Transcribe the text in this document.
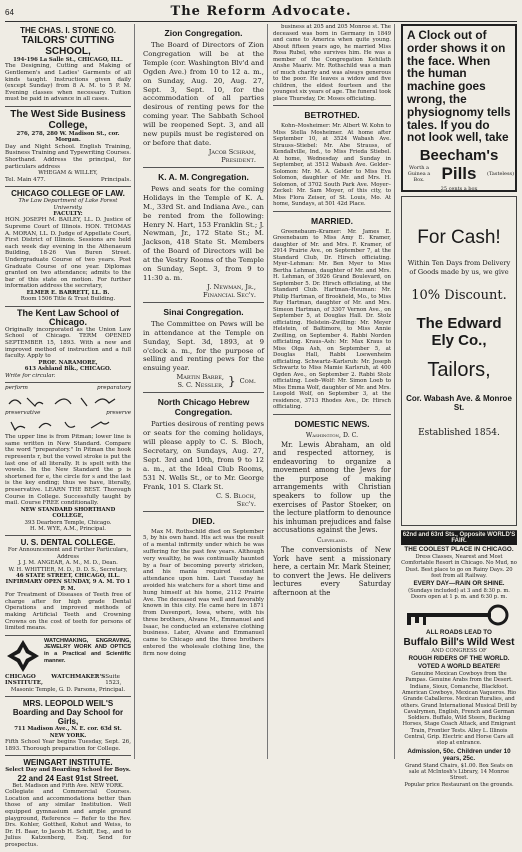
64	The Reform Advocate.
THE CHAS. I. STONE CO.
TAILORS' CUTTING SCHOOL,
194-196 La Salle St., CHICAGO, ILL.

The Designing, Cutting and Making of Gentlemen's and Ladies' Garments of all kinds taught. Instructions given daily (except Sunday) from 8 A. M. to 5 P. M. Evening classes when necessary. Tuition must be paid in advance in all cases.

The West Side Business College,
276, 278, 280 W. Madison St., cor. Morgan.

Day and Night School. English Training, Business Training and Typewriting Courses. Shorthand. Address the principal, for particulars address

WHEGAM & WILLEY,
Tel. Main 477.	Principals.
CHICAGO COLLEGE OF LAW.
The Law Department of Lake Forest University.
FACULTY:

HON. JOSEPH M. BAILEY, LL. D. Justice of Supreme Court of Illinois. HON. THOMAS A. MORAN, LL. D. Judge of Appellate Court, First District of Illinois. Sessions are held each week day evening in the Athenaeum Building, 18-26 Van Buren Street. Undergraduate Course of two years. Post Graduate Course of one year. Diplomas granted on two attendance; admits to the bar of this state on motion. For further information address the secretary,

ELMER E. BARRETT, LL. B.
Room 1506 Title & Trust Building.
The Kent Law School of Chicago.

Originally incorporated as the Union Law School of Chicago. TERM OPENED SEPTEMBER 15, 1893. With a new and improved method of instruction and a full faculty. Apply to

PROF. NARAMORE,
613 Ashland Blk., CHICAGO.
Write for circular.
perform	preparatory
preservative	preserve

The upper line is from Pitman; lower line is same written in New Standard. Compare the word "preparatory." In Pitman the hook represents r, but the vowel stroke is put the last one of all literally. It is spelt with the vowels. In the New Standard the p is shortened for e, the circle for s and the last is the key ending; thus we have, literally, preservative. LEARN THE BEST. Thorough Course in College. Successfully taught by mail. Course FREE conditionally.

NEW STANDARD SHORTHAND COLLEGE,
393 Dearborn Temple, Chicago.
H. M. WYE, A.M., Principal.
U. S. DENTAL COLLEGE.
For Announcement and Further Particulars, Address
J. J. M. ANGEAR, A. M., M. D., Dean.
W. H. WHITTIER, M. D., D. D. S., Secretary,
46 STATE STREET, CHICAGO, ILL.
INFIRMARY OPEN SUNDAY, 9 A. M. TO 1 P. M.

For Treatment of Diseases of Teeth free of charge after for high grade Dental Operations and improved methods of making Artificial Teeth and Crowning Crowns on the cost of teeth for persons of limited means.

WATCHMAKING, ENGRAVING, JEWELRY WORK AND OPTICS in a Practical and Scientific manner.
CHICAGO WATCHMAKER'S INSTITUTE,
Suite 1523,
Masonic Temple, G. D. Parsons, Principal.
MRS. LEOPOLD WEIL'S
Boarding and Day School for Girls,
711 Madison Ave., N. E. cor. 63d St.
NEW YORK.

Fifth School Year begins Tuesday, Sept. 26, 1893. Thorough preparation for College.

WEINGART INSTITUTE.
Select Day and Boarding School for Boys.
22 and 24 East 91st Street.
Bet. Madison and Fifth Ave. NEW YORK.

Collegiate and Commercial Courses. Location and accommodations better than those of any similar Institution. Well equipped gymnasium and ample ground playground, Reference — Refer to the Rev. Drs. Kohler, Gottheil, Kohut and Weiss, to Dr. H. Baar, to Jacob H. Schiff, Esq., and to Julius Katzenberg, Esq. Send for prospectus.

Zion Congregation.

The Board of Directors of Zion Congregation will be at the Temple (cor. Washington Blv'd and Ogden Ave.) from 10 to 12 a. m., on Sunday, Aug. 20, Aug. 27, Sept. 3, Sept. 10, for the accommodation of all parties desirous of renting pews for the coming year. The Sabbath School will be reopened Sept. 3, and all new pupils must be registered on or before that date.

Jacob Schram,
President.
K. A. M. Congregation.

Pews and seats for the coming Holidays in the Temple of K. A. M., 33rd St. and Indiana Ave., can be rented from the following: Henry N. Hart, 153 Franklin St.; J. Newman, Jr., 172 State St.; M. Jackson, 418 State St. Members of the Board of Directors will be at the Vestry Rooms of the Temple on Sunday, Sept. 3, from 9 to 11:30 a. m.

J. Newman, Jr.,
Financial Sec'y.
Sinai Congregation.

The Committee on Pews will be in attendance at the Temple on Sunday, Sept. 3d, 1893, at 9 o'clock a. m., for the purpose of selling and renting pews for the ensuing year.

Martin Barbe,
S. C. Nessler, } Com.
North Chicago Hebrew Congregation.

Parties desirous of renting pews or seats for the coming holidays, will please apply to C. S. Bloch, Secretary, on Sundays, Aug. 27, Sept. 3rd and 10th, from 9 to 12 a. m., at the Ideal Club Rooms, 531 N. Wells St., or to Mr. George Frank, 101 S. Clark St.

C. S. Bloch,
Sec'y.
DIED.

Max M. Rothschild died on September 5, by his own hand. His act was the result of a mental infirmity under which he was suffering for the past few years. Although very wealthy, he was continually haunted by a fear of becoming poverty stricken, and his mania required constant attendance upon him. Last Tuesday he avoided his watchers for a short time and hung himself at his home, 2112 Prairie Ave. The deceased was well and favorably known in this city. He came here in 1871 from Davenport, Iowa, where, with his three brothers, Alvane M., Emmanuel and Isaac, he conducted an extensive clothing business. Later, Alvane and Emmanuel came to Chicago and the three brothers entered the wholesale clothing line, the firm now doing

business at 205 and 205 Monroe st. The deceased was born in Germany in 1849 and came to America when quite young. About fifteen years ago, he married Miss Rosa Rubel, who survives him. He was a member of the Congregation Kehilath Anshe Maariv. Mr. Rothschild was a man of much charity and was always generous to the poor. He leaves a widow and five children, the eldest fourteen and the youngest six years of age. The funeral took place Thursday, Dr. Moses officiating.

BETROTHED.

Kohn–Mosheimer: Mr. Albert W. Kohn to Miss Stella Mosheimer. At home after September 10, at 3524 Wabash Ave. Strauss–Stiebel: Mr. Abe Strauss, of Kendallville, Ind., to Miss Frieda Stiebel. At home, Wednesday and Sunday in September, at 3512 Wabash Ave. Gelder–Solomon: Mr. M. A. Gelder to Miss Eva Solomon, daughter of Mr. and Mrs. H. Solomon, of 3702 South Park Ave. Moyer–Zeckel: Mr. Sam Moyer, of this city, to Miss Flora Zeiser, of St. Louis, Mo. At home, Sundays, at 501 42d Place.

MARRIED.

Greenebaum–Kramer: Mr. James E. Greenebaum to Miss Amy E. Kramer, daughter of Mr. and Mrs. F. Kramer, of 2914 Prairie Ave., on September 7, at the Standard Club, Dr. Hirsch officiating. Myer–Lehman: Mr. Ben Myer to Miss Bertha Lehman, daughter of Mr. and Mrs. H. Lehman, of 3926 Grand Boulevard, on September 5. Dr. Hirsch officiating, at the Standard Club. Hartman–Heuman: Mr. Philip Hartman, of Brookfield, Mo., to Miss Ray Hartman, daughter of Mr. and Mrs. Simeon Hartman, of 3307 Vernon Ave., on September 5, at Douglas Hall. Dr. Stolz officiating. Helstein–Zwilling: Mr. Meyer Helstein, of Baltimore, to Miss Annie Zwilling, on September 4. Rabbi Norden officiating. Kraus–Ash: Mr. Max Kraus to Miss Olga Ash, on September 5, at Douglas Hall, Rabbi Loewenheim officiating. Schwartz–Karlsruh: Mr. Joseph Schwartz to Miss Mamie Karlsruh, at 400 Ogden Ave., on September 2. Rabbi Stolz officiating. Loeb–Wolf: Mr. Simon Loeb to Miss Emma Wolf, daughter of Mr. and Mrs. Leopold Wolf, on September 3, at the residence, 3713 Rhodes Ave., Dr. Hirsch officiating.

DOMESTIC NEWS.
Washington, D. C.

Mr. Lewis Abraham, an old and respected attorney, is endeavoring to organize a movement among the Jews for the purpose of making arrangements with Christian speakers to follow up the exercises of Pastor Stoeker, on the lecture platform to denounce his inhuman prejudices and false accusations against the Jews.

Cleveland.

The conversionists of New York have sent a missionary here, a certain Mr. Mark Steiner, to convert the Jews. He delivers lectures every Saturday afternoon at the

A Clock out of order shows it on the face. When the human machine goes wrong, the physiognomy tells tales. If you do not look well, take
Beecham's
Worth a Guinea a Box. Pills (Tasteless)
25 cents a box
For Cash!
Within Ten Days from Delivery of Goods made by us, we give
10% Discount.
The Edward Ely Co.,
Tailors,
Cor. Wabash Ave. & Monroe St.
Established 1854.
62nd and 63rd Sts., Opposite WORLD'S FAIR.
THE COOLEST PLACE IN CHICAGO.
Dress Classes, Nearest and Most Comfortable Resort in Chicago. No Mud, no Dust. Best place to go on Rainy Days. 20 feet from all Railway.
EVERY DAY—RAIN OR SHINE.
(Sundays included) at 3 and 8:30 p. m. Doors open at 1 p. m. and 6:30 p. m.
ALL ROADS LEAD TO
Buffalo Bill's Wild West
AND CONGRESS OF
ROUGH RIDERS OF THE WORLD.
VOTED A WORLD BEATER!
Genuine Mexican Cowboys from the Pampas. Genuine Arabs from the Desert. Indians, Sioux, Comanche, Blackfoot. American Cowboys, Mexican Vaqueros. Rio Grande Caballeros. Mexican Ruralies, and others. Grand International Musical Drill by Cavalrymen, English, French and German Soldiers. Buffalo, Wild Steers, Bucking Horses, Stage Coach Attack, and Emigrant Train, Frontier Tests. Alley L. Illinois Central, Grip. Electric and Horse Cars all stop at entrance.
Admission, 50c. Children under 10 years, 25c.
Grand Stand Chairs, $1.00. Box Seats on sale at McIntosh's Library, 14 Monroe Street.
Popular price Restaurant on the grounds.
